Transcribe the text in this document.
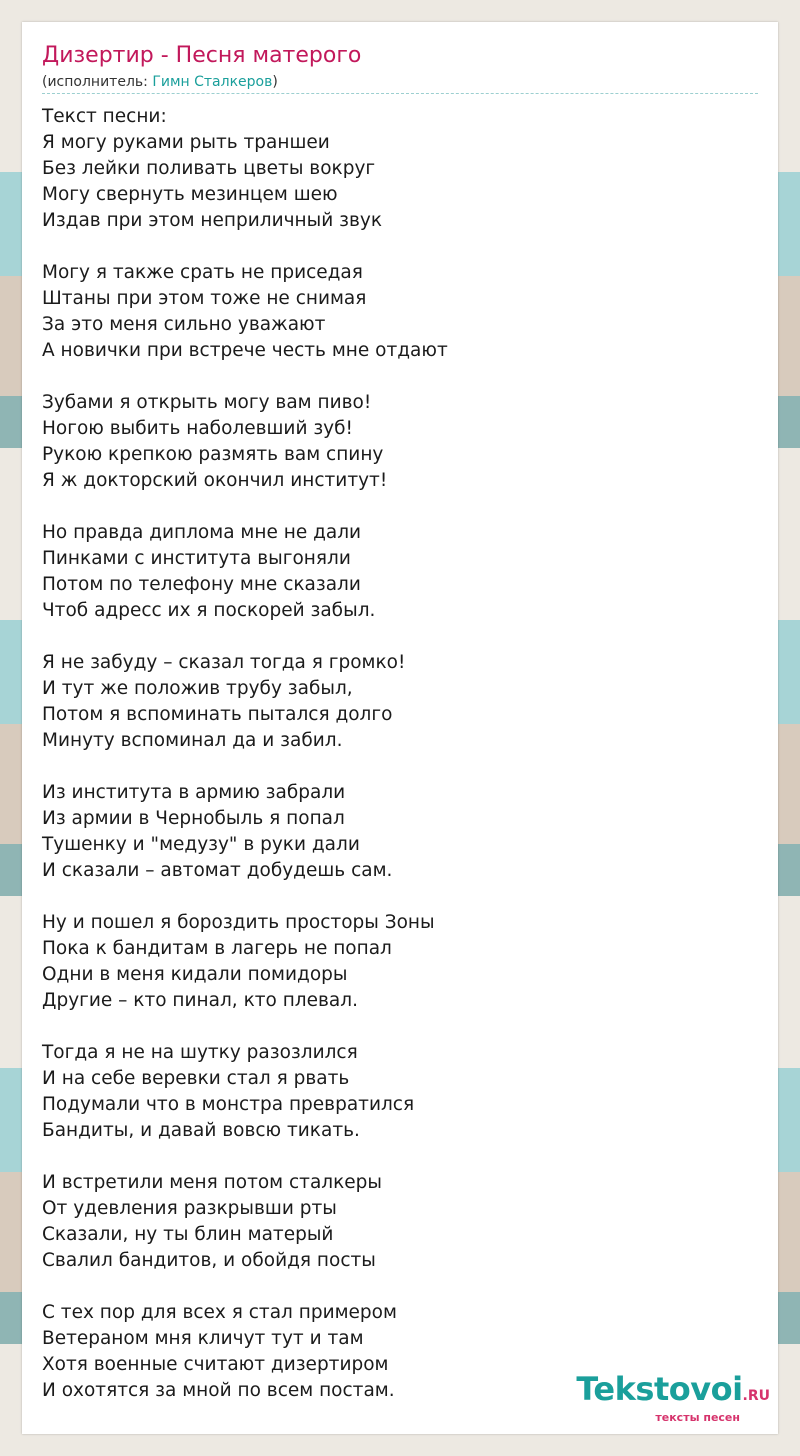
Дизертир - Песня матерого
(исполнитель: Гимн Сталкеров)
Текст песни:
Я могу руками рыть траншеи
Без лейки поливать цветы вокруг
Могу свернуть мезинцем шею
Издав при этом неприличный звук
Могу я также срать не приседая
Штаны при этом тоже не снимая
За это меня сильно уважают
А новички при встрече честь мне отдают
Зубами я открыть могу вам пиво!
Ногою выбить наболевший зуб!
Рукою крепкою размять вам спину
Я ж докторский окончил институт!
Но правда диплома мне не дали
Пинками с института выгоняли
Потом по телефону мне сказали
Чтоб адресс их я поскорей забыл.
Я не забуду – сказал тогда я громко!
И тут же положив трубу забыл,
Потом я вспоминать пытался долго
Минуту вспоминал да и забил.
Из института в армию забрали
Из армии в Чернобыль я попал
Тушенку и "медузу" в руки дали
И сказали – автомат добудешь сам.
Ну и пошел я бороздить просторы Зоны
Пока к бандитам в лагерь не попал
Одни в меня кидали помидоры
Другие – кто пинал, кто плевал.
Тогда я не на шутку разозлился
И на себе веревки стал я рвать
Подумали что в монстра превратился
Бандиты, и давай вовсю тикать.
И встретили меня потом сталкеры
От удевления разкрывши рты
Сказали, ну ты блин матерый
Свалил бандитов, и обойдя посты
С тех пор для всех я стал примером
Ветераном мня кличут тут и там
Хотя военные считают дизертиром
И охотятся за мной по всем постам.	Tekstovoi.RU
тексты песен
